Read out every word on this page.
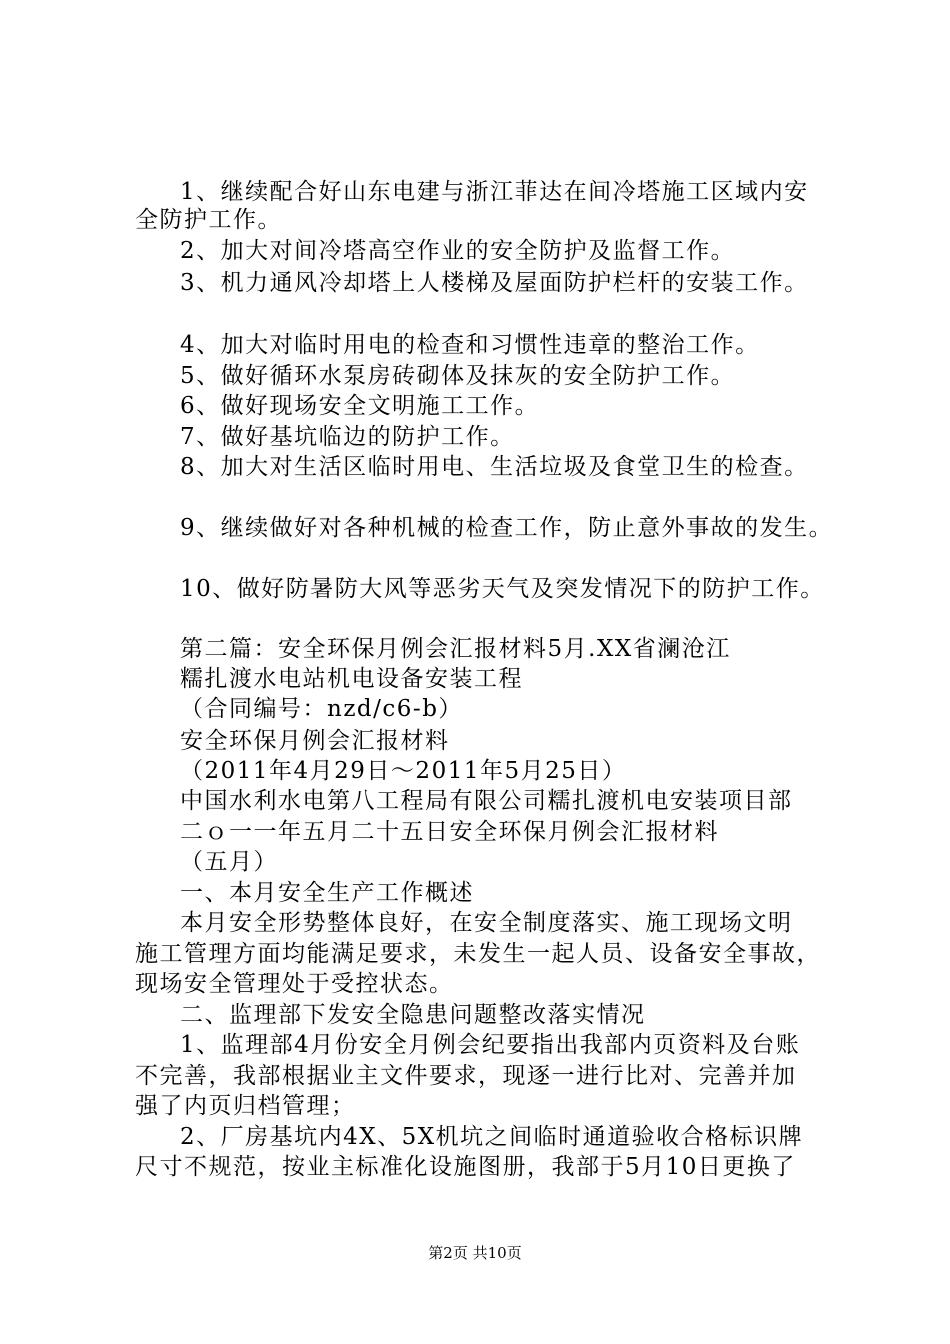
1、继续配合好山东电建与浙江菲达在间冷塔施工区域内安
全防护工作。
2、加大对间冷塔高空作业的安全防护及监督工作。
3、机力通风冷却塔上人楼梯及屋面防护栏杆的安装工作。
4、加大对临时用电的检查和习惯性违章的整治工作。
5、做好循环水泵房砖砌体及抹灰的安全防护工作。
6、做好现场安全文明施工工作。
7、做好基坑临边的防护工作。
8、加大对生活区临时用电、生活垃圾及食堂卫生的检查。
9、继续做好对各种机械的检查工作，防止意外事故的发生。
10、做好防暑防大风等恶劣天气及突发情况下的防护工作。
第二篇：安全环保月例会汇报材料5月.XX省澜沧江
糯扎渡水电站机电设备安装工程
（合同编号：nzd/c6-b）
安全环保月例会汇报材料
（2011年4月29日～2011年5月25日）
中国水利水电第八工程局有限公司糯扎渡机电安装项目部
二ｏ一一年五月二十五日安全环保月例会汇报材料
（五月）
一、本月安全生产工作概述
本月安全形势整体良好，在安全制度落实、施工现场文明
施工管理方面均能满足要求，未发生一起人员、设备安全事故，
现场安全管理处于受控状态。
二、监理部下发安全隐患问题整改落实情况
1、监理部4月份安全月例会纪要指出我部内页资料及台账
不完善，我部根据业主文件要求，现逐一进行比对、完善并加
强了内页归档管理；
2、厂房基坑内4X、5X机坑之间临时通道验收合格标识牌
尺寸不规范，按业主标准化设施图册，我部于5月10日更换了
第2页 共10页
